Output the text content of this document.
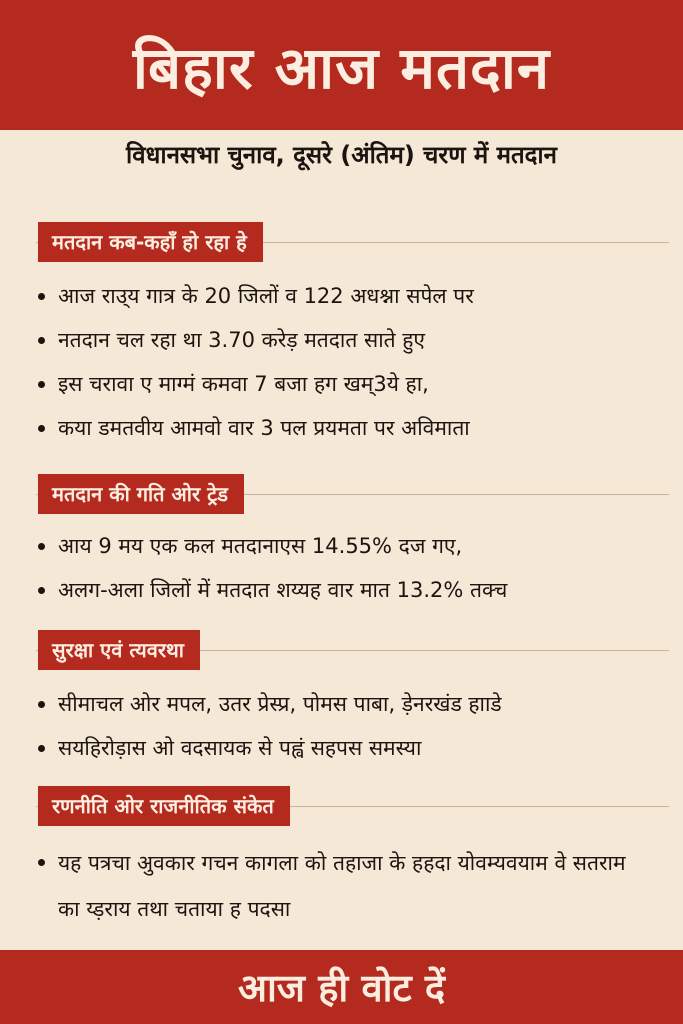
बिहार आज मतदान
विधानसभा चुनाव, दूसरे (अंतिम) चरण में मतदान
मतदान कब-कहाँ हो रहा हे
आज राउ्य गात्र के 20 जिलों व 122 अधश्ना सपेल पर
नतदान चल रहा था 3.70 करेड़ मतदात साते हुए
इस चरावा ए माग्मं कमवा 7 बजा हग खम्3ये हा,
कया डमतवीय आमवो वार 3 पल प्रयमता पर अविमाता
मतदान की गति ओर ट्रेड
आय 9 मय एक कल मतदानाएस 14.55% दज गए,
अलग-अला जिलों में मतदात शय्यह वार मात 13.2% तक्च
सुरक्षा एवं त्यवरथा
सीमाचल ओर मपल, उतर प्रेस्प्र, पोमस पाबा, ड़ेनरखंड हााडे
सयहिरोड़ास ओ वदसायक से पह्वं सहपस समस्या
रणनीति ओर राजनीतिक संकेत
यह पत्रचा अुवकार गचन कागला को तहाजा के हहदा योवम्यवयाम वे सतराम का य्ड़राय तथा चताया ह पदसा
आज ही वोट दें
